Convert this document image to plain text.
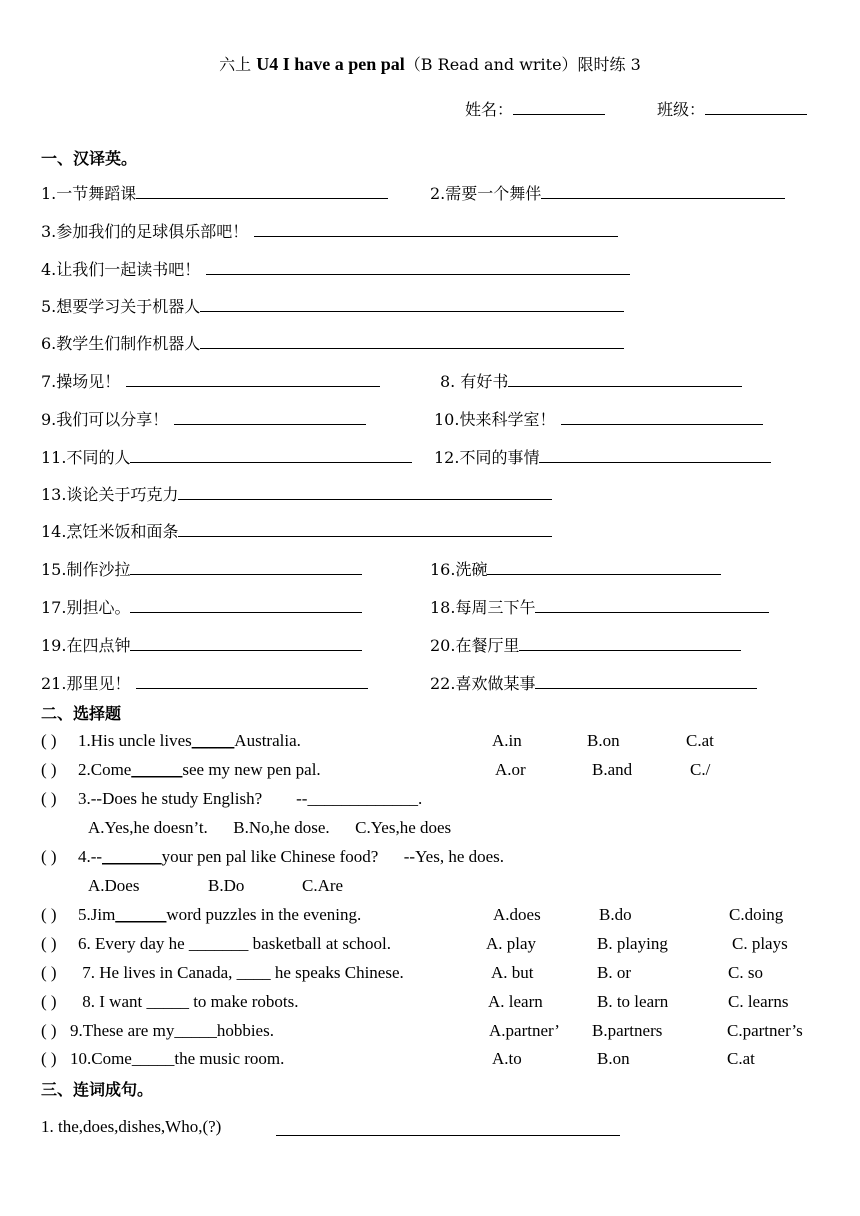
六上 U4 I have a pen pal（B Read and write）限时练 3
姓名：	班级：
一、汉译英。
1.一节舞蹈课	2.需要一个舞伴
3.参加我们的足球俱乐部吧！
4.让我们一起读书吧！
5.想要学习关于机器人
6.教学生们制作机器人
7.操场见！	8. 有好书
9.我们可以分享！	10.快来科学室！
11.不同的人	12.不同的事情
13.谈论关于巧克力
14.烹饪米饭和面条
15.制作沙拉	16.洗碗
17.别担心。	18.每周三下午
19.在四点钟	20.在餐厅里
21.那里见！	22.喜欢做某事
二、选择题
( ) 1.His uncle lives_____Australia.	A.in	B.on	C.at
( ) 2.Come______see my new pen pal.	A.or	B.and	C./
( ) 3.--Does he study English?        --_____________.
A.Yes,he doesn’t.      B.No,he dose.      C.Yes,he does
( ) 4.--_______your pen pal like Chinese food?      --Yes, he does.
A.Does	B.Do	C.Are
( ) 5.Jim______word puzzles in the evening.	A.does	B.do	C.doing
( ) 6. Every day he _______ basketball at school.	A. play	B. playing	C. plays
( ) 7. He lives in Canada, ____ he speaks Chinese.	A. but	B. or	C. so
( ) 8. I want _____ to make robots.	A. learn	B. to learn	C. learns
( ) 9.These are my_____hobbies.	A.partner’ B.partners	C.partner’s
( ) 10.Come_____the music room.	A.to	B.on	C.at
三、连词成句。
1. the,does,dishes,Who,(?)
